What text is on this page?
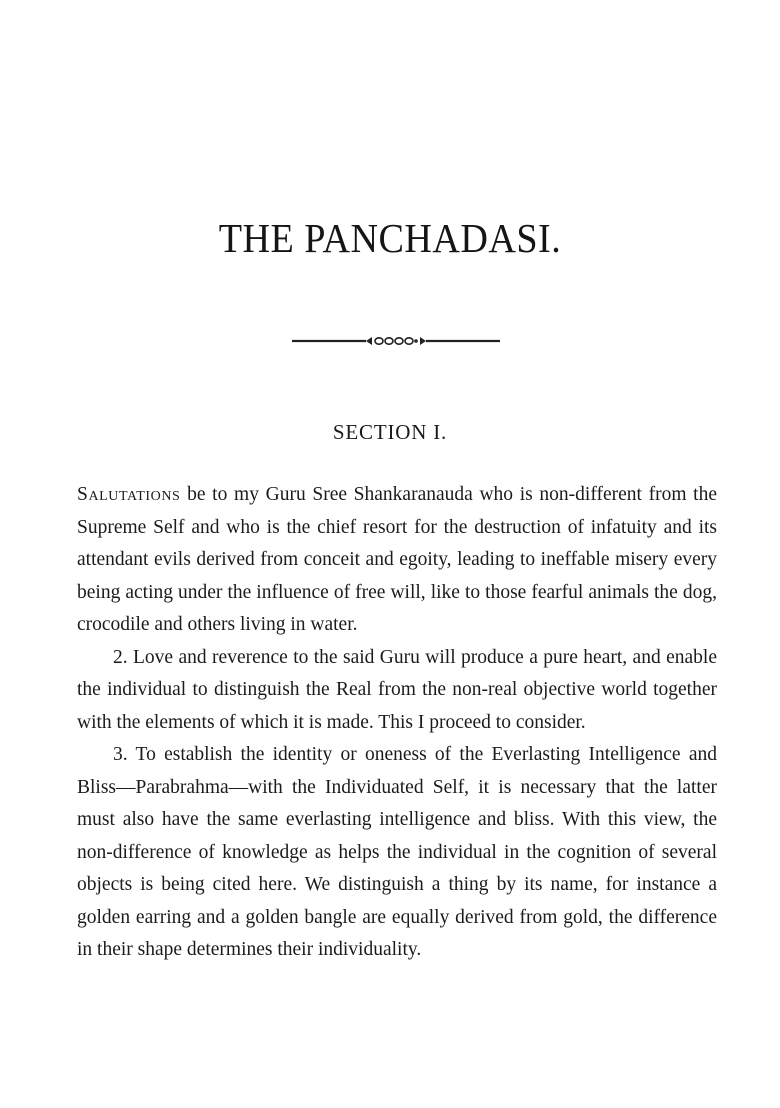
THE PANCHADASI.
SECTION I.

Salutations be to my Guru Sree Shankaranauda who is non-different from the Supreme Self and who is the chief resort for the destruction of infatuity and its attendant evils derived from conceit and egoity, leading to ineffable misery every being acting under the influence of free will, like to those fearful animals the dog, crocodile and others living in water.

2. Love and reverence to the said Guru will produce a pure heart, and enable the individual to distinguish the Real from the non-real objective world together with the elements of which it is made. This I proceed to consider.

3. To establish the identity or oneness of the Everlasting Intelligence and Bliss—Parabrahma—with the Individuated Self, it is necessary that the latter must also have the same everlasting intelligence and bliss. With this view, the non-difference of knowledge as helps the individual in the cognition of several objects is being cited here. We distinguish a thing by its name, for instance a golden earring and a golden bangle are equally derived from gold, the difference in their shape determines their individuality.
